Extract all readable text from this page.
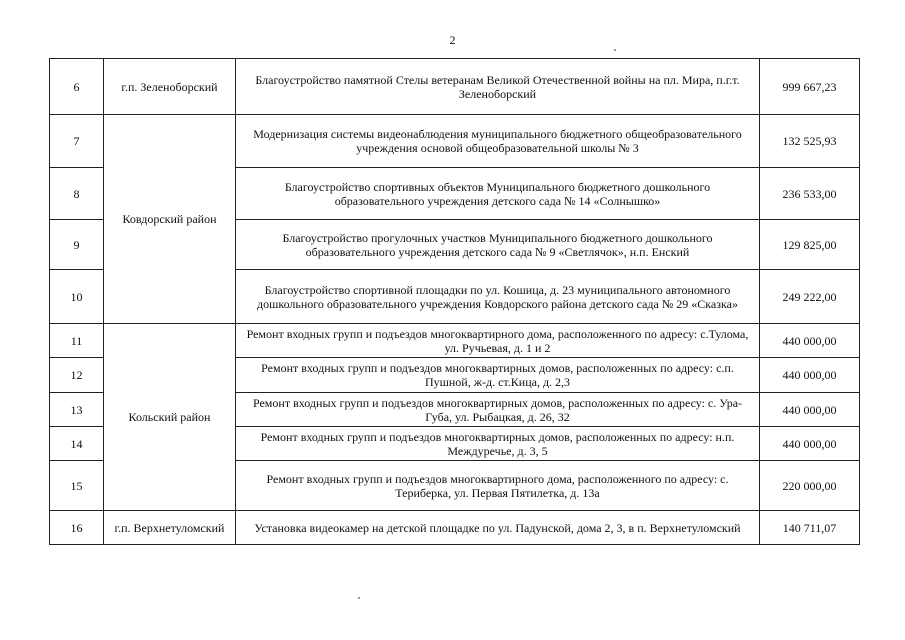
2
6	г.п. Зеленоборский	Благоустройство памятной Стелы ветеранам Великой Отечественной войны на пл. Мира, п.г.т. Зеленоборский	999 667,23
7	Ковдорский район	Модернизация системы видеонаблюдения муниципального бюджетного общеобразовательного учреждения основой общеобразовательной школы № 3	132 525,93
8		Благоустройство спортивных объектов Муниципального бюджетного дошкольного образовательного учреждения детского сада № 14 «Солнышко»	236 533,00
9		Благоустройство прогулочных участков Муниципального бюджетного дошкольного образовательного учреждения детского сада № 9 «Светлячок», н.п. Енский	129 825,00
10		Благоустройство спортивной площадки по ул. Кошица, д. 23 муниципального автономного дошкольного образовательного учреждения Ковдорского района детского сада № 29 «Сказка»	249 222,00
11	Кольский район	Ремонт входных групп и подъездов многоквартирного дома, расположенного по адресу: с.Тулома, ул. Ручьевая, д. 1 и 2	440 000,00
12		Ремонт входных групп и подъездов многоквартирных домов, расположенных по адресу: с.п. Пушной, ж-д. ст.Кица, д. 2,3	440 000,00
13		Ремонт входных групп и подъездов многоквартирных домов, расположенных по адресу: с. Ура-Губа, ул. Рыбацкая, д. 26, 32	440 000,00
14		Ремонт входных групп и подъездов многоквартирных домов, расположенных по адресу: н.п. Междуречье, д. 3, 5	440 000,00
15		Ремонт входных групп и подъездов многоквартирного дома, расположенного по адресу: с. Териберка, ул. Первая Пятилетка, д. 13а	220 000,00
16	г.п. Верхнетуломский	Установка видеокамер на детской площадке по ул. Падунской, дома 2, 3, в п. Верхнетуломский	140 711,07
